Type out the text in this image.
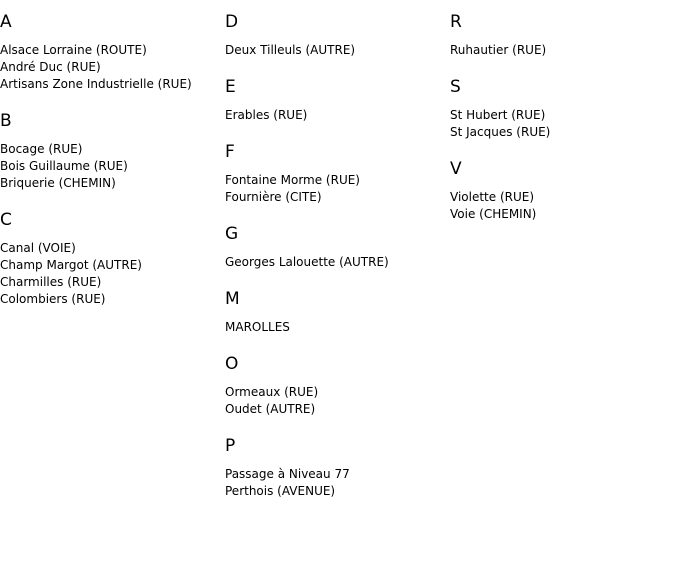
A
Alsace Lorraine (ROUTE)
André Duc (RUE)
Artisans Zone Industrielle (RUE)
B
Bocage (RUE)
Bois Guillaume (RUE)
Briquerie (CHEMIN)
C
Canal (VOIE)
Champ Margot (AUTRE)
Charmilles (RUE)
Colombiers (RUE)
D
Deux Tilleuls (AUTRE)
E
Erables (RUE)
F
Fontaine Morme (RUE)
Fournière (CITE)
G
Georges Lalouette (AUTRE)
M
MAROLLES
O
Ormeaux (RUE)
Oudet (AUTRE)
P
Passage à Niveau 77
Perthois (AVENUE)
R
Ruhautier (RUE)
S
St Hubert (RUE)
St Jacques (RUE)
V
Violette (RUE)
Voie (CHEMIN)
